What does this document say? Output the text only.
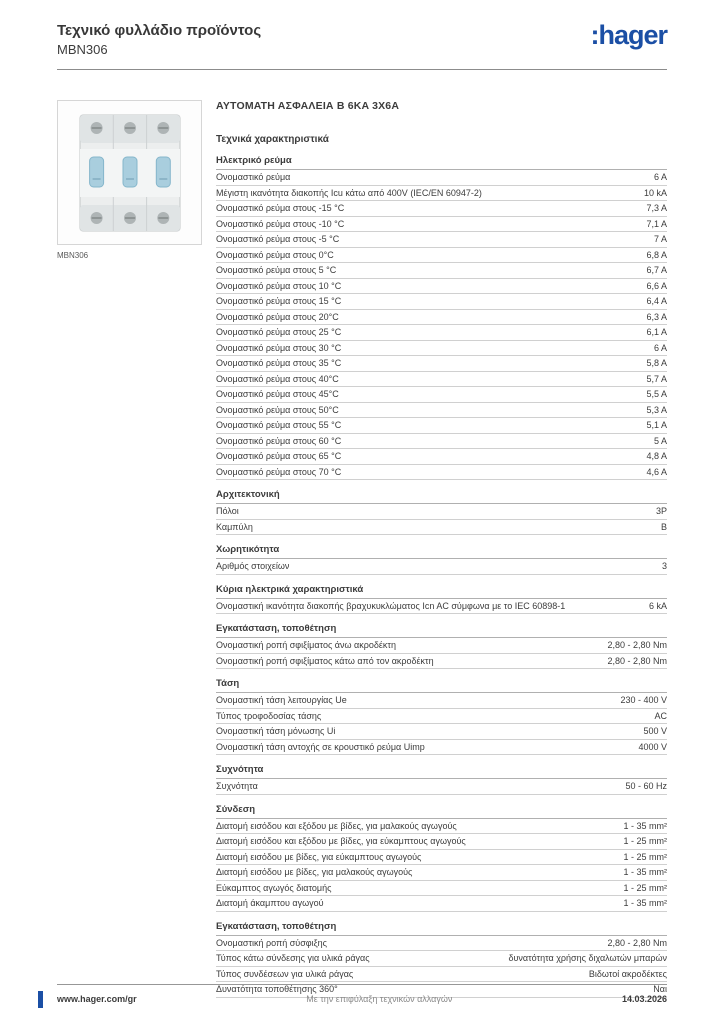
Τεχνικό φυλλάδιο προϊόντος
MBN306	:hager
MBN306
ΑΥΤΟΜΑΤΗ ΑΣΦΑΛΕΙΑ B 6KA 3X6A
Τεχνικά χαρακτηριστικά
Ηλεκτρικό ρεύμα
Ονομαστικό ρεύμα	6 A
Μέγιστη ικανότητα διακοπής Icu κάτω από 400V (IEC/EN 60947-2)	10 kA
Ονομαστικό ρεύμα στους -15 °C	7,3 A
Ονομαστικό ρεύμα στους -10 °C	7,1 A
Ονομαστικό ρεύμα στους -5 °C	7 A
Ονομαστικό ρεύμα στους 0°C	6,8 A
Ονομαστικό ρεύμα στους 5 °C	6,7 A
Ονομαστικό ρεύμα στους 10 °C	6,6 A
Ονομαστικό ρεύμα στους 15 °C	6,4 A
Ονομαστικό ρεύμα στους 20°C	6,3 A
Ονομαστικό ρεύμα στους 25 °C	6,1 A
Ονομαστικό ρεύμα στους 30 °C	6 A
Ονομαστικό ρεύμα στους 35 °C	5,8 A
Ονομαστικό ρεύμα στους 40°C	5,7 A
Ονομαστικό ρεύμα στους 45°C	5,5 A
Ονομαστικό ρεύμα στους 50°C	5,3 A
Ονομαστικό ρεύμα στους 55 °C	5,1 A
Ονομαστικό ρεύμα στους 60 °C	5 A
Ονομαστικό ρεύμα στους 65 °C	4,8 A
Ονομαστικό ρεύμα στους 70 °C	4,6 A
Αρχιτεκτονική
Πόλοι	3P
Καμπύλη	B
Χωρητικότητα
Αριθμός στοιχείων	3
Κύρια ηλεκτρικά χαρακτηριστικά
Ονομαστική ικανότητα διακοπής βραχυκυκλώματος Icn AC σύμφωνα με το IEC 60898-1	6 kA
Εγκατάσταση, τοποθέτηση
Ονομαστική ροπή σφιξίματος άνω ακροδέκτη	2,80 - 2,80 Nm
Ονομαστική ροπή σφιξίματος κάτω από τον ακροδέκτη	2,80 - 2,80 Nm
Τάση
Ονομαστική τάση λειτουργίας Ue	230 - 400 V
Τύπος τροφοδοσίας τάσης	AC
Ονομαστική τάση μόνωσης Ui	500 V
Ονομαστική τάση αντοχής σε κρουστικό ρεύμα Uimp	4000 V
Συχνότητα
Συχνότητα	50 - 60 Hz
Σύνδεση
Διατομή εισόδου και εξόδου με βίδες, για μαλακούς αγωγούς	1 - 35 mm²
Διατομή εισόδου και εξόδου με βίδες, για εύκαμπτους αγωγούς	1 - 25 mm²
Διατομή εισόδου με βίδες, για εύκαμπτους αγωγούς	1 - 25 mm²
Διατομή εισόδου με βίδες, για μαλακούς αγωγούς	1 - 35 mm²
Εύκαμπτος αγωγός διατομής	1 - 25 mm²
Διατομή άκαμπτου αγωγού	1 - 35 mm²
Εγκατάσταση, τοποθέτηση
Ονομαστική ροπή σύσφιξης	2,80 - 2,80 Nm
Τύπος κάτω σύνδεσης για υλικά ράγας	δυνατότητα χρήσης διχαλωτών μπαρών
Τύπος συνδέσεων για υλικά ράγας	Βιδωτοί ακροδέκτες
Δυνατότητα τοποθέτησης 360°	Ναι
www.hager.com/gr	Με την επιφύλαξη τεχνικών αλλαγών	14.03.2026
